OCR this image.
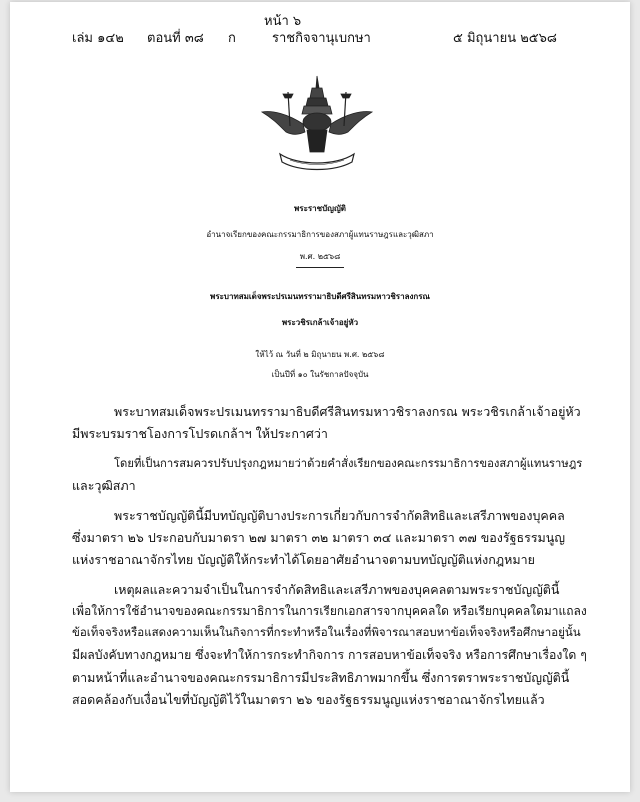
หน้า ๖
เล่ม ๑๔๒ ตอนที่ ๓๘ ก	ราชกิจจานุเบกษา	๕ มิถุนายน ๒๕๖๘
พระราชบัญญัติ
อำนาจเรียกของคณะกรรมาธิการของสภาผู้แทนราษฎรและวุฒิสภา
พ.ศ. ๒๕๖๘
พระบาทสมเด็จพระปรเมนทรรามาธิบดีศรีสินทรมหาวชิราลงกรณ
พระวชิรเกล้าเจ้าอยู่หัว
ให้ไว้ ณ วันที่ ๒ มิถุนายน พ.ศ. ๒๕๖๘
เป็นปีที่ ๑๐ ในรัชกาลปัจจุบัน
พระบาทสมเด็จพระปรเมนทรรามาธิบดีศรีสินทรมหาวชิราลงกรณ พระวชิรเกล้าเจ้าอยู่หัว
มีพระบรมราชโองการโปรดเกล้าฯ ให้ประกาศว่า
โดยที่เป็นการสมควรปรับปรุงกฎหมายว่าด้วยคำสั่งเรียกของคณะกรรมาธิการของสภาผู้แทนราษฎร
และวุฒิสภา
พระราชบัญญัตินี้มีบทบัญญัติบางประการเกี่ยวกับการจำกัดสิทธิและเสรีภาพของบุคคล
ซึ่งมาตรา ๒๖ ประกอบกับมาตรา ๒๗ มาตรา ๓๒ มาตรา ๓๔ และมาตรา ๓๗ ของรัฐธรรมนูญ
แห่งราชอาณาจักรไทย บัญญัติให้กระทำได้โดยอาศัยอำนาจตามบทบัญญัติแห่งกฎหมาย
เหตุผลและความจำเป็นในการจำกัดสิทธิและเสรีภาพของบุคคลตามพระราชบัญญัตินี้
เพื่อให้การใช้อำนาจของคณะกรรมาธิการในการเรียกเอกสารจากบุคคลใด หรือเรียกบุคคลใดมาแถลง
ข้อเท็จจริงหรือแสดงความเห็นในกิจการที่กระทำหรือในเรื่องที่พิจารณาสอบหาข้อเท็จจริงหรือศึกษาอยู่นั้น
มีผลบังคับทางกฎหมาย ซึ่งจะทำให้การกระทำกิจการ การสอบหาข้อเท็จจริง หรือการศึกษาเรื่องใด ๆ
ตามหน้าที่และอำนาจของคณะกรรมาธิการมีประสิทธิภาพมากขึ้น ซึ่งการตราพระราชบัญญัตินี้
สอดคล้องกับเงื่อนไขที่บัญญัติไว้ในมาตรา ๒๖ ของรัฐธรรมนูญแห่งราชอาณาจักรไทยแล้ว
